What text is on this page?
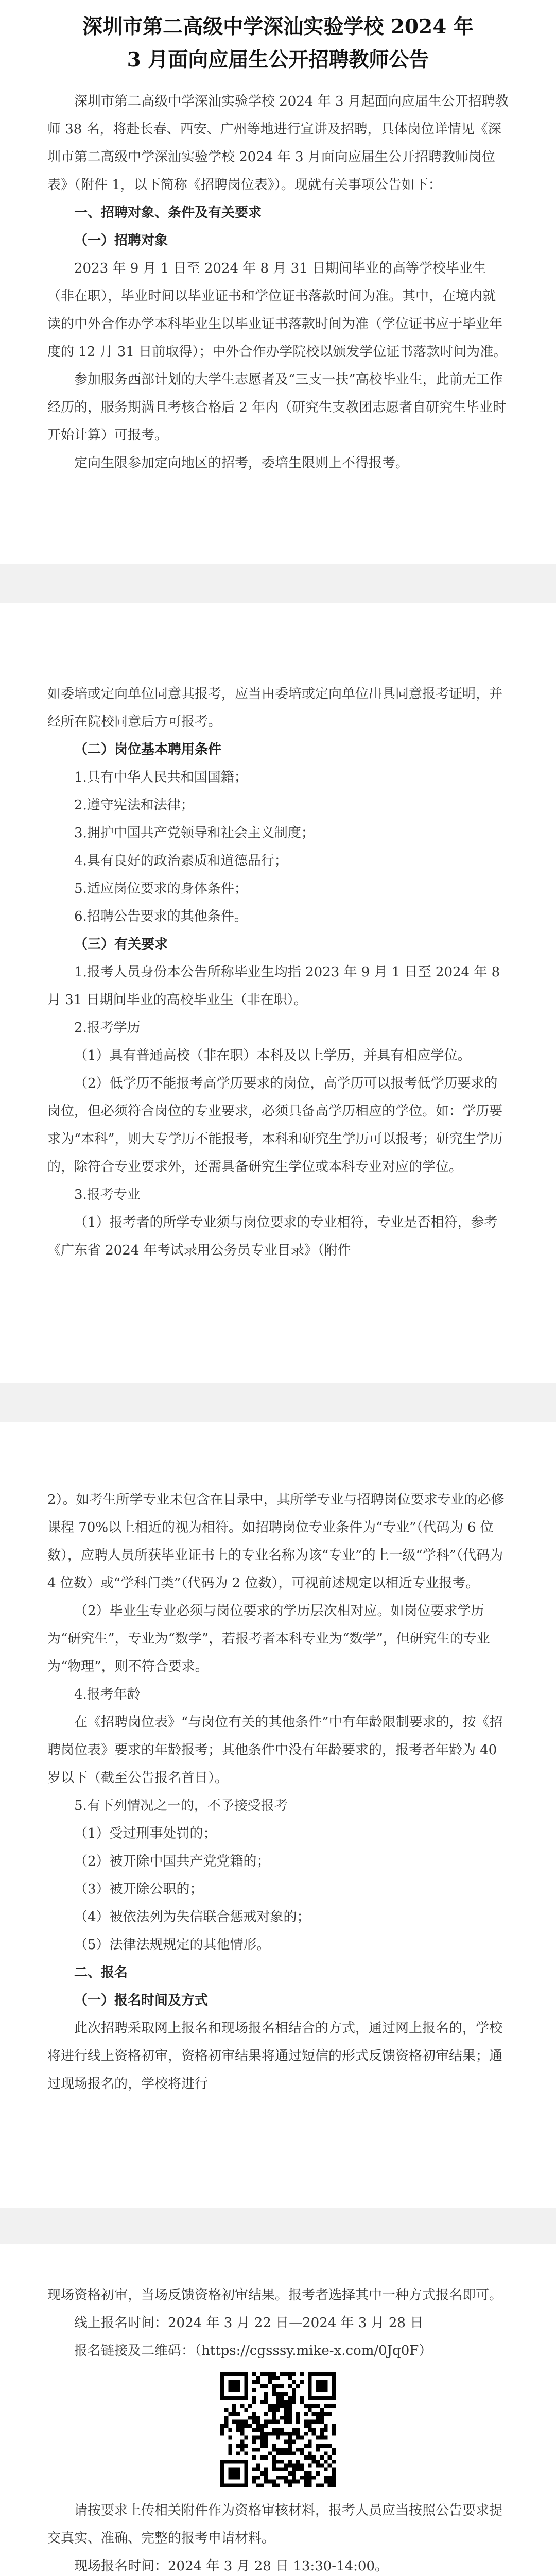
深圳市第二高级中学深汕实验学校 2024 年
3 月面向应届生公开招聘教师公告

深圳市第二高级中学深汕实验学校 2024 年 3 月起面向应届生公开招聘教师 38 名，将赴长春、西安、广州等地进行宣讲及招聘，具体岗位详情见《深圳市第二高级中学深汕实验学校 2024 年 3 月面向应届生公开招聘教师岗位表》（附件 1，以下简称《招聘岗位表》）。现就有关事项公告如下：

一、招聘对象、条件及有关要求

（一）招聘对象

2023 年 9 月 1 日至 2024 年 8 月 31 日期间毕业的高等学校毕业生（非在职），毕业时间以毕业证书和学位证书落款时间为准。其中，在境内就读的中外合作办学本科毕业生以毕业证书落款时间为准（学位证书应于毕业年度的 12 月 31 日前取得）；中外合作办学院校以颁发学位证书落款时间为准。

参加服务西部计划的大学生志愿者及“三支一扶”高校毕业生，此前无工作经历的，服务期满且考核合格后 2 年内（研究生支教团志愿者自研究生毕业时开始计算）可报考。

定向生限参加定向地区的招考，委培生限则上不得报考。

如委培或定向单位同意其报考，应当由委培或定向单位出具同意报考证明，并经所在院校同意后方可报考。

（二）岗位基本聘用条件

1.具有中华人民共和国国籍；

2.遵守宪法和法律；

3.拥护中国共产党领导和社会主义制度；

4.具有良好的政治素质和道德品行；

5.适应岗位要求的身体条件；

6.招聘公告要求的其他条件。

（三）有关要求

1.报考人员身份本公告所称毕业生均指 2023 年 9 月 1 日至 2024 年 8 月 31 日期间毕业的高校毕业生（非在职）。

2.报考学历

（1）具有普通高校（非在职）本科及以上学历，并具有相应学位。

（2）低学历不能报考高学历要求的岗位，高学历可以报考低学历要求的岗位，但必须符合岗位的专业要求，必须具备高学历相应的学位。如：学历要求为“本科”，则大专学历不能报考，本科和研究生学历可以报考；研究生学历的，除符合专业要求外，还需具备研究生学位或本科专业对应的学位。

3.报考专业

（1）报考者的所学专业须与岗位要求的专业相符，专业是否相符，参考《广东省 2024 年考试录用公务员专业目录》（附件

2）。如考生所学专业未包含在目录中，其所学专业与招聘岗位要求专业的必修课程 70%以上相近的视为相符。如招聘岗位专业条件为“专业”（代码为 6 位数），应聘人员所获毕业证书上的专业名称为该“专业”的上一级“学科”（代码为 4 位数）或“学科门类”（代码为 2 位数），可视前述规定以相近专业报考。

（2）毕业生专业必须与岗位要求的学历层次相对应。如岗位要求学历为“研究生”，专业为“数学”，若报考者本科专业为“数学”，但研究生的专业为“物理”，则不符合要求。

4.报考年龄

在《招聘岗位表》“与岗位有关的其他条件”中有年龄限制要求的，按《招聘岗位表》要求的年龄报考；其他条件中没有年龄要求的，报考者年龄为 40 岁以下（截至公告报名首日）。

5.有下列情况之一的，不予接受报考

（1）受过刑事处罚的；

（2）被开除中国共产党党籍的；

（3）被开除公职的；

（4）被依法列为失信联合惩戒对象的；

（5）法律法规规定的其他情形。

二、报名

（一）报名时间及方式

此次招聘采取网上报名和现场报名相结合的方式，通过网上报名的，学校将进行线上资格初审，资格初审结果将通过短信的形式反馈资格初审结果；通过现场报名的，学校将进行

现场资格初审，当场反馈资格初审结果。报考者选择其中一种方式报名即可。

线上报名时间：2024 年 3 月 22 日—2024 年 3 月 28 日

报名链接及二维码：（https://cgsssy.mike-x.com/0Jq0F）

请按要求上传相关附件作为资格审核材料，报考人员应当按照公告要求提交真实、准确、完整的报考申请材料。

现场报名时间：2024 年 3 月 28 日 13:30-14:00。
